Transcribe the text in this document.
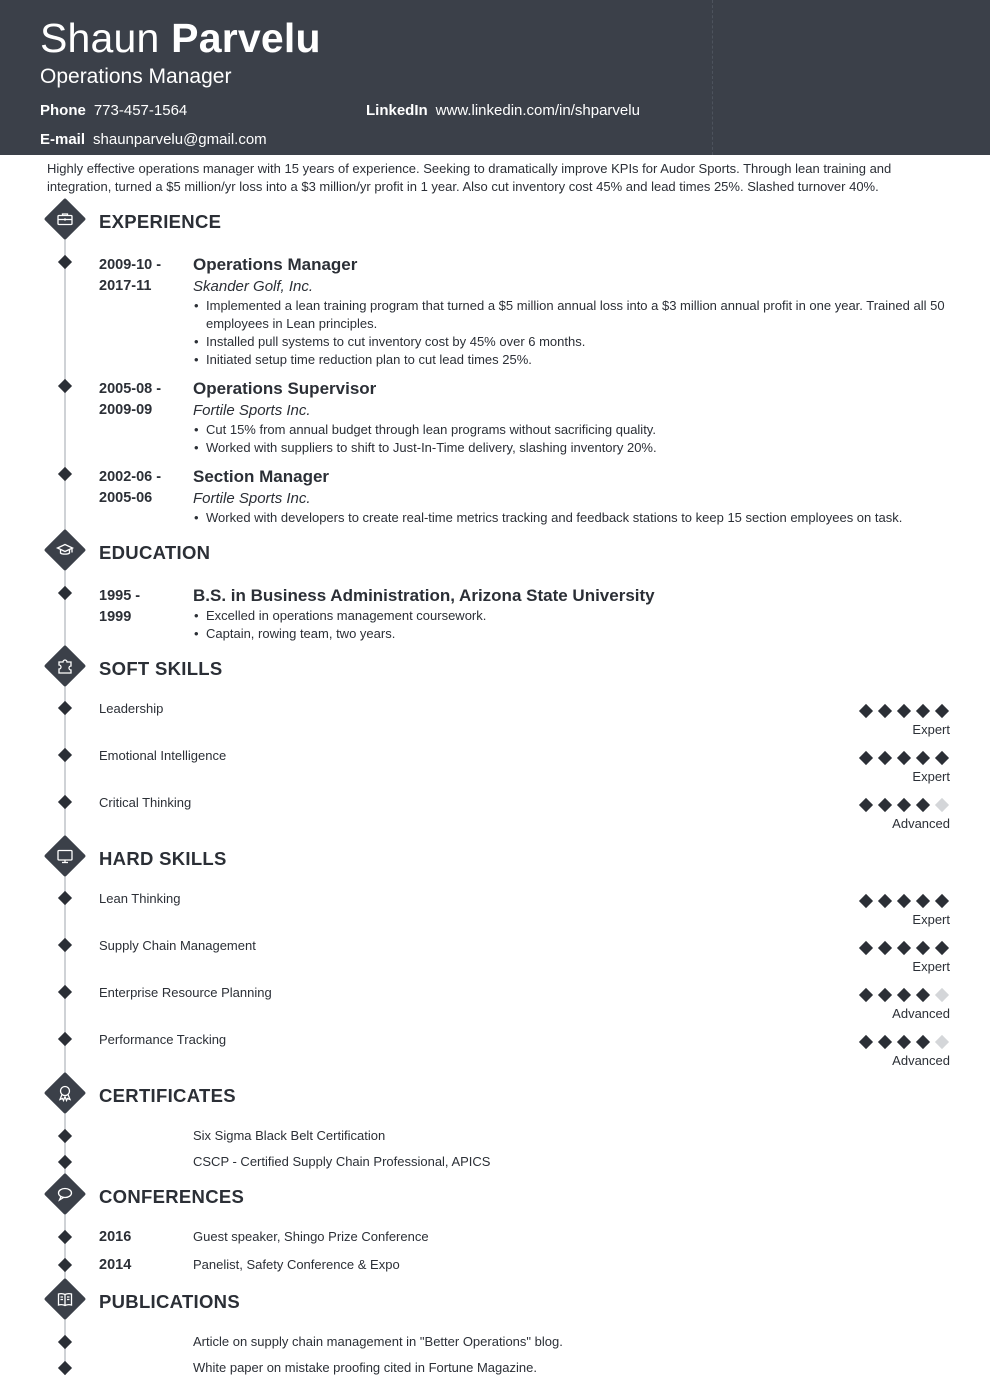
Shaun Parvelu
Operations Manager
Phone 773-457-1564	LinkedIn www.linkedin.com/in/shparvelu
E-mail shaunparvelu@gmail.com
Highly effective operations manager with 15 years of experience. Seeking to dramatically improve KPIs for Audor Sports. Through lean training and integration, turned a $5 million/yr loss into a $3 million/yr profit in 1 year. Also cut inventory cost 45% and lead times 25%. Slashed turnover 40%.
EXPERIENCE
2009-10 -
2017-11
Operations Manager
Skander Golf, Inc.
• Implemented a lean training program that turned a $5 million annual loss into a $3 million annual profit in one year. Trained all 50 employees in Lean principles.
• Installed pull systems to cut inventory cost by 45% over 6 months.
• Initiated setup time reduction plan to cut lead times 25%.
2005-08 -
2009-09
Operations Supervisor
Fortile Sports Inc.
• Cut 15% from annual budget through lean programs without sacrificing quality.
• Worked with suppliers to shift to Just-In-Time delivery, slashing inventory 20%.
2002-06 -
2005-06
Section Manager
Fortile Sports Inc.
• Worked with developers to create real-time metrics tracking and feedback stations to keep 15 section employees on task.
EDUCATION
1995 -
1999
B.S. in Business Administration, Arizona State University
• Excelled in operations management coursework.
• Captain, rowing team, two years.
SOFT SKILLS
Leadership
Expert
Emotional Intelligence
Expert
Critical Thinking
Advanced
HARD SKILLS
Lean Thinking
Expert
Supply Chain Management
Expert
Enterprise Resource Planning
Advanced
Performance Tracking
Advanced
CERTIFICATES
Six Sigma Black Belt Certification
CSCP - Certified Supply Chain Professional, APICS
CONFERENCES
2016	Guest speaker, Shingo Prize Conference
2014	Panelist, Safety Conference & Expo
PUBLICATIONS
Article on supply chain management in "Better Operations" blog.
White paper on mistake proofing cited in Fortune Magazine.
